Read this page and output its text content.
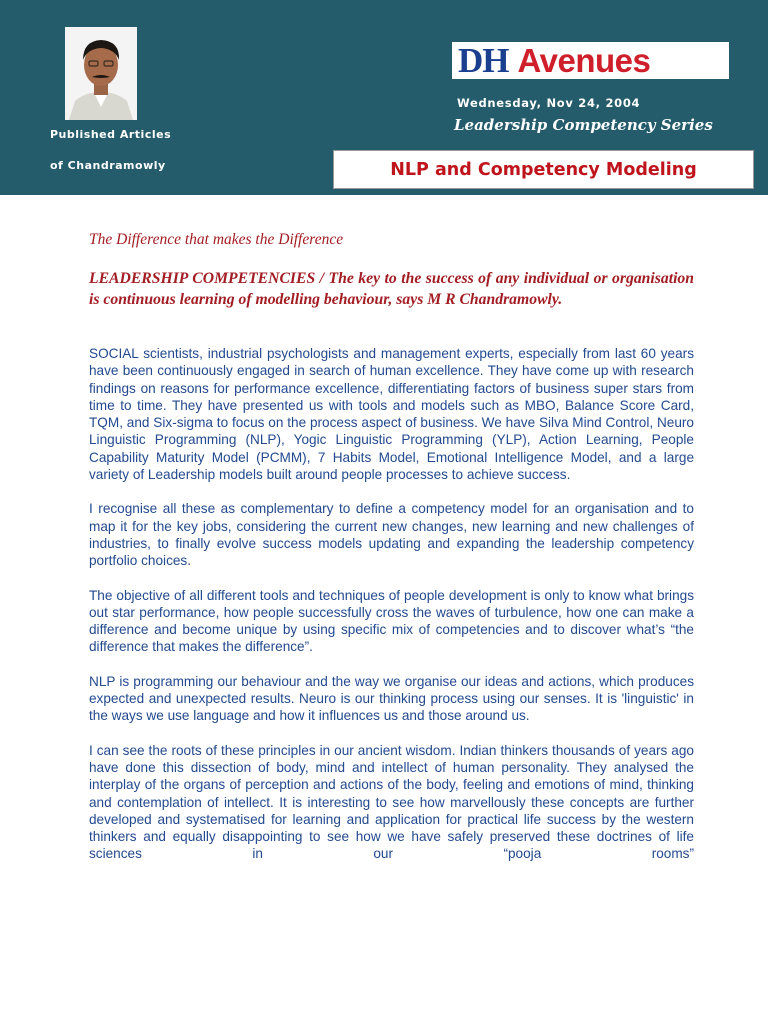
Published Articles
of Chandramowly
DH Avenues
Wednesday, Nov 24, 2004
Leadership Competency Series
NLP and Competency Modeling
The Difference that makes the Difference
LEADERSHIP COMPETENCIES / The key to the success of any individual or organisation is continuous learning of modelling behaviour, says M R Chandramowly.

SOCIAL scientists, industrial psychologists and management experts, especially from last 60 years have been continuously engaged in search of human excellence. They have come up with research findings on reasons for performance excellence, differentiating factors of business super stars from time to time. They have presented us with tools and models such as MBO, Balance Score Card, TQM, and Six-sigma to focus on the process aspect of business. We have Silva Mind Control, Neuro Linguistic Programming (NLP), Yogic Linguistic Programming (YLP), Action Learning, People Capability Maturity Model (PCMM), 7 Habits Model, Emotional Intelligence Model, and a large variety of Leadership models built around people processes to achieve success.

I recognise all these as complementary to define a competency model for an organisation and to map it for the key jobs, considering the current new changes, new learning and new challenges of industries, to finally evolve success models updating and expanding the leadership competency portfolio choices.

The objective of all different tools and techniques of people development is only to know what brings out star performance, how people successfully cross the waves of turbulence, how one can make a difference and become unique by using specific mix of competencies and to discover what’s “the difference that makes the difference”.

NLP is programming our behaviour and the way we organise our ideas and actions, which produces expected and unexpected results. Neuro is our thinking process using our senses. It is 'linguistic' in the ways we use language and how it influences us and those around us.

I can see the roots of these principles in our ancient wisdom. Indian thinkers thousands of years ago have done this dissection of body, mind and intellect of human personality. They analysed the interplay of the organs of perception and actions of the body, feeling and emotions of mind, thinking and contemplation of intellect. It is interesting to see how marvellously these concepts are further developed and systematised for learning and application for practical life success by the western thinkers and equally disappointing to see how we have safely preserved these doctrines of life sciences in our “pooja rooms”
